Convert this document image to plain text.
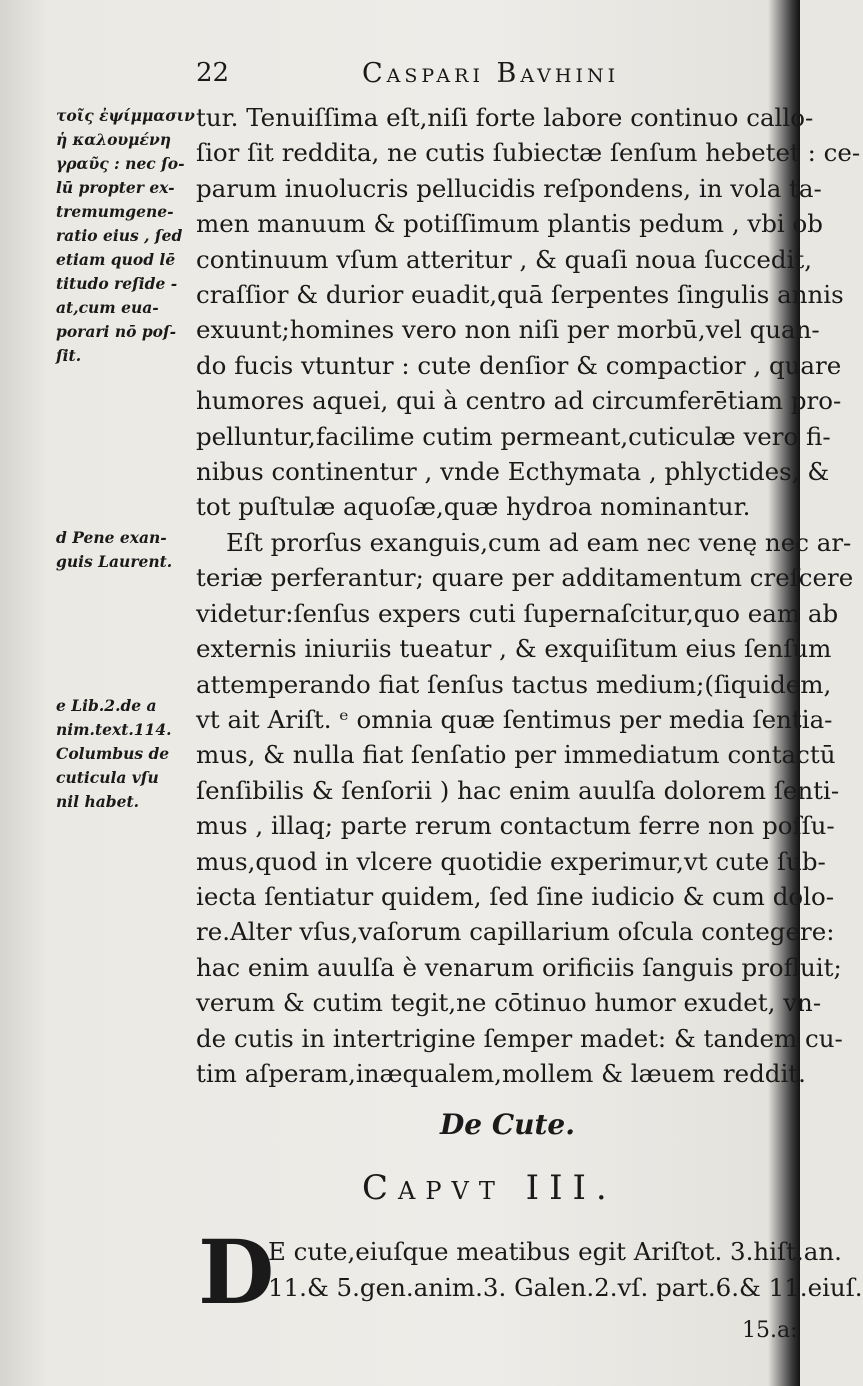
22	Caspari Bavhini
τοῖς ἐψίμμασιν
ἡ καλουμένη
γραῦς : nec ſo-
lū propter ex-
tremumgene-
ratio eius , ſed
etiam quod lē
titudo reſide -
at,cum eua-
porari nō poſ-
ſit.
d Pene exan-
guis Laurent.
e Lib.2.de a
nim.text.114.
Columbus de
cuticula vſu
nil habet.
tur. Tenuiſſima eſt,niſi forte labore continuo callo-
ſior ſit reddita, ne cutis ſubiectæ ſenſum hebetet : ce-
parum inuolucris pellucidis reſpondens, in vola ta-
men manuum & potiſſimum plantis pedum , vbi ob
continuum vſum atteritur , & quaſi noua ſuccedit,
craſſior & durior euadit,quā ſerpentes ſingulis annis
exuunt;homines vero non niſi per morbū,vel quan-
do fucis vtuntur : cute denſior & compactior , quare
humores aquei, qui à centro ad circumferētiam pro-
pelluntur,facilime cutim permeant,cuticulæ vero fi-
nibus continentur , vnde Ecthymata , phlyctides, &
tot puſtulæ aquoſæ,quæ hydroa nominantur.
Eſt prorſus exanguis,cum ad eam nec venę nec ar-
teriæ perferantur; quare per additamentum creſcere
videtur:ſenſus expers cuti ſupernaſcitur,quo eam ab
externis iniuriis tueatur , & exquiſitum eius ſenſum
attemperando fiat ſenſus tactus medium;(ſiquidem,
vt ait Ariſt. ᵉ omnia quæ ſentimus per media ſentia-
mus, & nulla fiat ſenſatio per immediatum contactū
ſenſibilis & ſenſorii ) hac enim auulſa dolorem ſenti-
mus , illaq; parte rerum contactum ferre non poſſu-
mus,quod in vlcere quotidie experimur,vt cute ſub-
iecta ſentiatur quidem, ſed ſine iudicio & cum dolo-
re.Alter vſus,vaſorum capillarium oſcula contegere:
hac enim auulſa è venarum orificiis ſanguis profluit;
verum & cutim tegit,ne cōtinuo humor exudet, vn-
de cutis in intertrigine ſemper madet: & tandem cu-
tim aſperam,inæqualem,mollem & læuem reddit.
De Cute.
Capvt III.
D
E cute,eiuſque meatibus egit Ariſtot. 3.hiſt.an.
11.& 5.gen.anim.3. Galen.2.vſ. part.6.& 11.eiuſ.
15.a:
